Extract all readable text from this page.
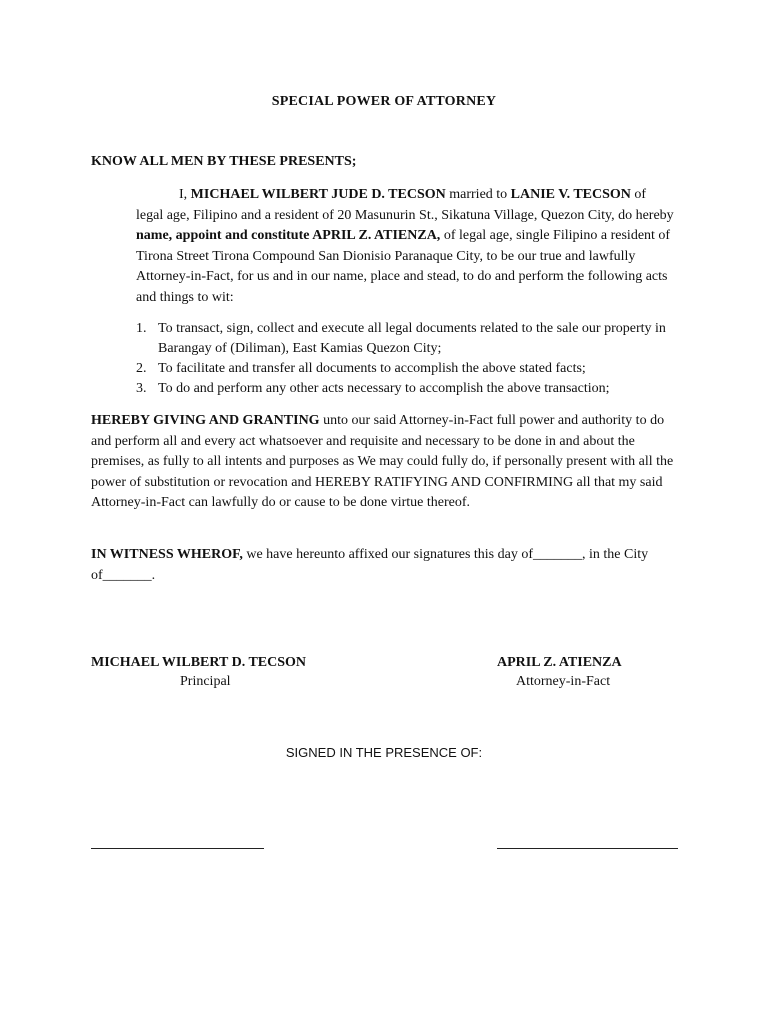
SPECIAL POWER OF ATTORNEY
KNOW ALL MEN BY THESE PRESENTS;
I, MICHAEL WILBERT JUDE D. TECSON married to LANIE V. TECSON of legal age, Filipino and a resident of 20 Masunurin St., Sikatuna Village, Quezon City, do hereby name, appoint and constitute APRIL Z. ATIENZA, of legal age, single Filipino a resident of Tirona Street Tirona Compound San Dionisio Paranaque City, to be our true and lawfully Attorney-in-Fact, for us and in our name, place and stead, to do and perform the following acts and things to wit:
1. To transact, sign, collect and execute all legal documents related to the sale our property in Barangay of (Diliman), East Kamias Quezon City;
2. To facilitate and transfer all documents to accomplish the above stated facts;
3. To do and perform any other acts necessary to accomplish the above transaction;
HEREBY GIVING AND GRANTING unto our said Attorney-in-Fact full power and authority to do and perform all and every act whatsoever and requisite and necessary to be done in and about the premises, as fully to all intents and purposes as We may could fully do, if personally present with all the power of substitution or revocation and HEREBY RATIFYING AND CONFIRMING all that my said Attorney-in-Fact can lawfully do or cause to be done virtue thereof.
IN WITNESS WHEROF, we have hereunto affixed our signatures this day of_______, in the City of_______.
MICHAEL WILBERT D. TECSON
Principal
APRIL Z. ATIENZA
Attorney-in-Fact
SIGNED IN THE PRESENCE OF:
